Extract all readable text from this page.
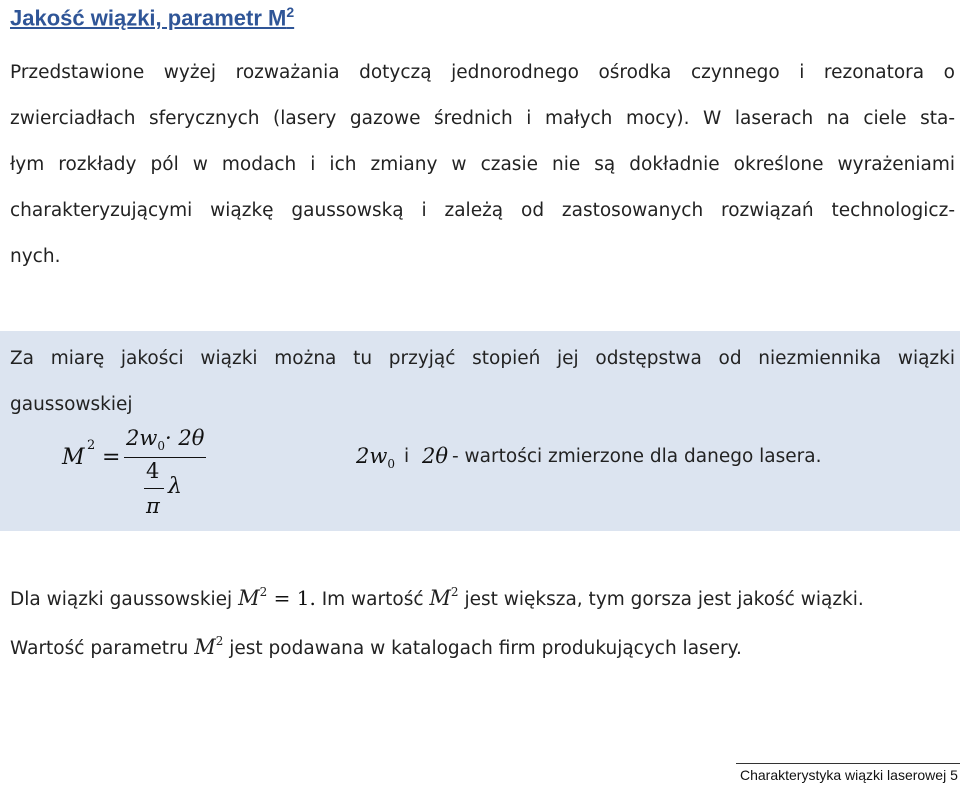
Jakość wiązki, parametr $M^2$
Przedstawione wyżej rozważania dotyczą jednorodnego ośrodka czynnego i rezonatora o
zwierciadłach sferycznych (lasery gazowe średnich i małych mocy). W laserach na ciele sta-
łym rozkłady pól w modach i ich zmiany w czasie nie są dokładnie określone wyrażeniami
charakteryzującymi wiązkę gaussowską i zależą od zastosowanych rozwiązań technologicz-
nych.
Za miarę jakości wiązki można tu przyjąć stopień jej odstępstwa od niezmiennika wiązki
gaussowskiej
M 2 =
$2w_0\cdot 2\theta$
4
λ
π
$2w_0$ i 2θ - wartości zmierzone dla danego lasera.
Dla wiązki gaussowskiej $M^2 = 1$. Im wartość $M^2$ jest większa, tym gorsza jest jakość wiązki.
Wartość parametru $M^2$ jest podawana w katalogach firm produkujących lasery.
Charakterystyka wiązki laserowej 5
